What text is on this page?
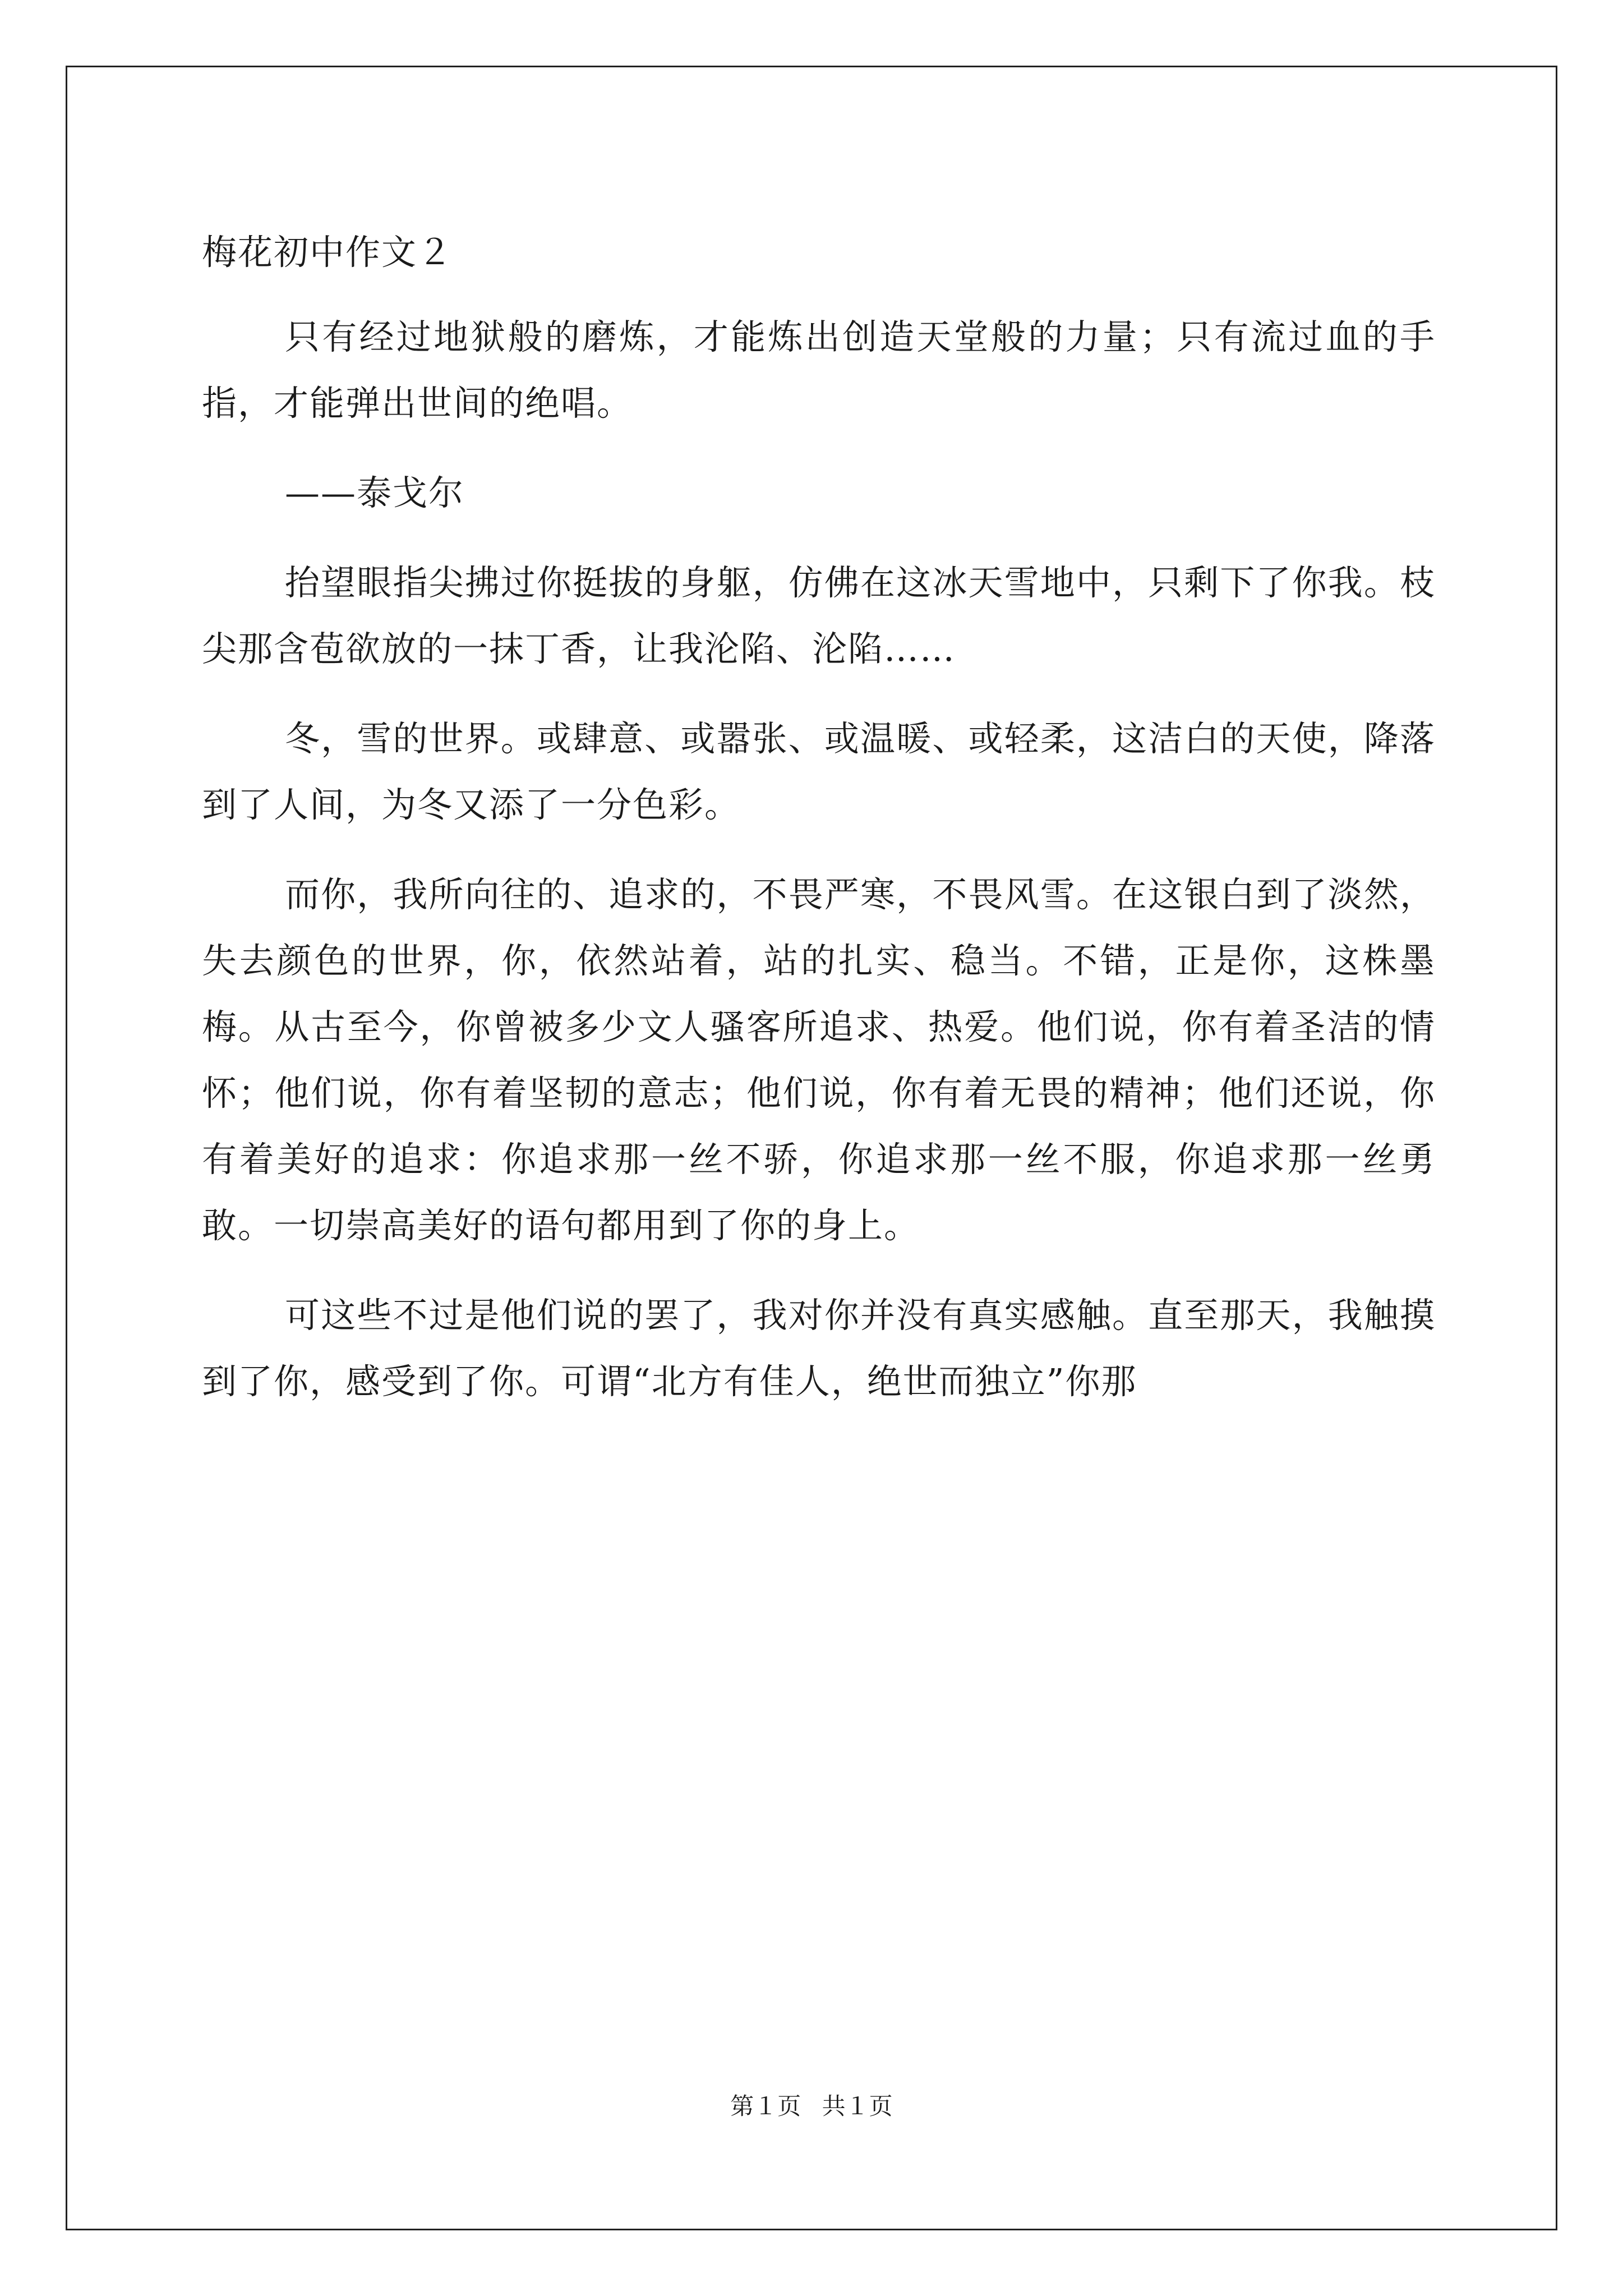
梅花初中作文２

只有经过地狱般的磨炼，才能炼出创造天堂般的力量；只有流过血的手指，才能弹出世间的绝唱。

——泰戈尔

抬望眼指尖拂过你挺拔的身躯，仿佛在这冰天雪地中，只剩下了你我。枝尖那含苞欲放的一抹丁香，让我沦陷、沦陷……

冬，雪的世界。或肆意、或嚣张、或温暖、或轻柔，这洁白的天使，降落到了人间，为冬又添了一分色彩。

而你，我所向往的、追求的，不畏严寒，不畏风雪。在这银白到了淡然，失去颜色的世界，你，依然站着，站的扎实、稳当。不错，正是你，这株墨梅。从古至今，你曾被多少文人骚客所追求、热爱。他们说，你有着圣洁的情怀；他们说，你有着坚韧的意志；他们说，你有着无畏的精神；他们还说，你有着美好的追求：你追求那一丝不骄，你追求那一丝不服，你追求那一丝勇敢。一切崇高美好的语句都用到了你的身上。

可这些不过是他们说的罢了，我对你并没有真实感触。直至那天，我触摸到了你，感受到了你。可谓“北方有佳人，绝世而独立”你那

第１页 共１页
